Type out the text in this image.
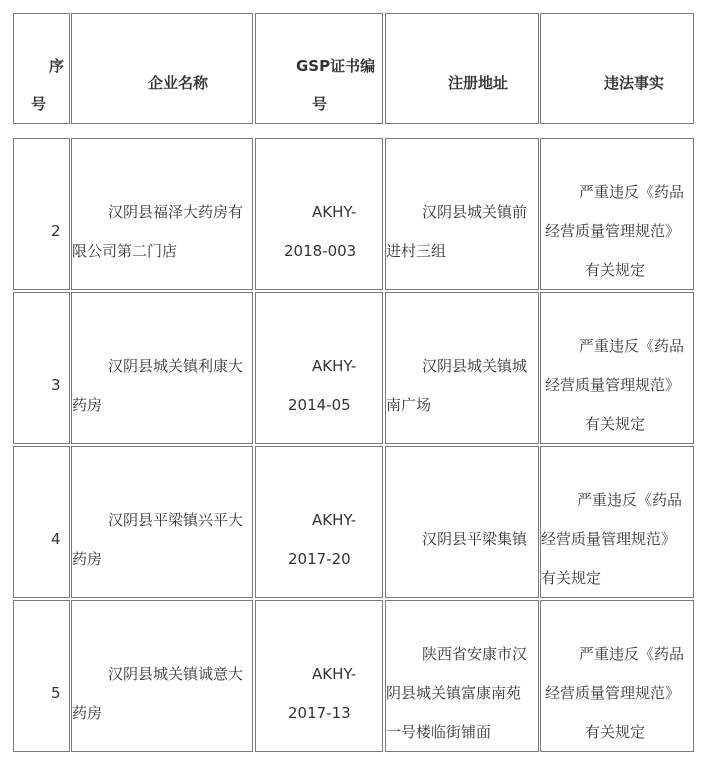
序
号
企业名称
GSP证书编
号
注册地址	违法事实
2
汉阴县福泽大药房有
限公司第二门店
AKHY-
2018-003
汉阴县城关镇前
进村三组
严重违反《药品
经营质量管理规范》
有关规定
3
汉阴县城关镇利康大
药房
AKHY-
2014-05
汉阴县城关镇城
南广场
严重违反《药品
经营质量管理规范》
有关规定
4
汉阴县平梁镇兴平大
药房
AKHY-
2017-20
汉阴县平梁集镇
严重违反《药品
经营质量管理规范》
有关规定
5
汉阴县城关镇诚意大
药房
AKHY-
2017-13
陕西省安康市汉
阴县城关镇富康南苑
一号楼临街铺面
严重违反《药品
经营质量管理规范》
有关规定
